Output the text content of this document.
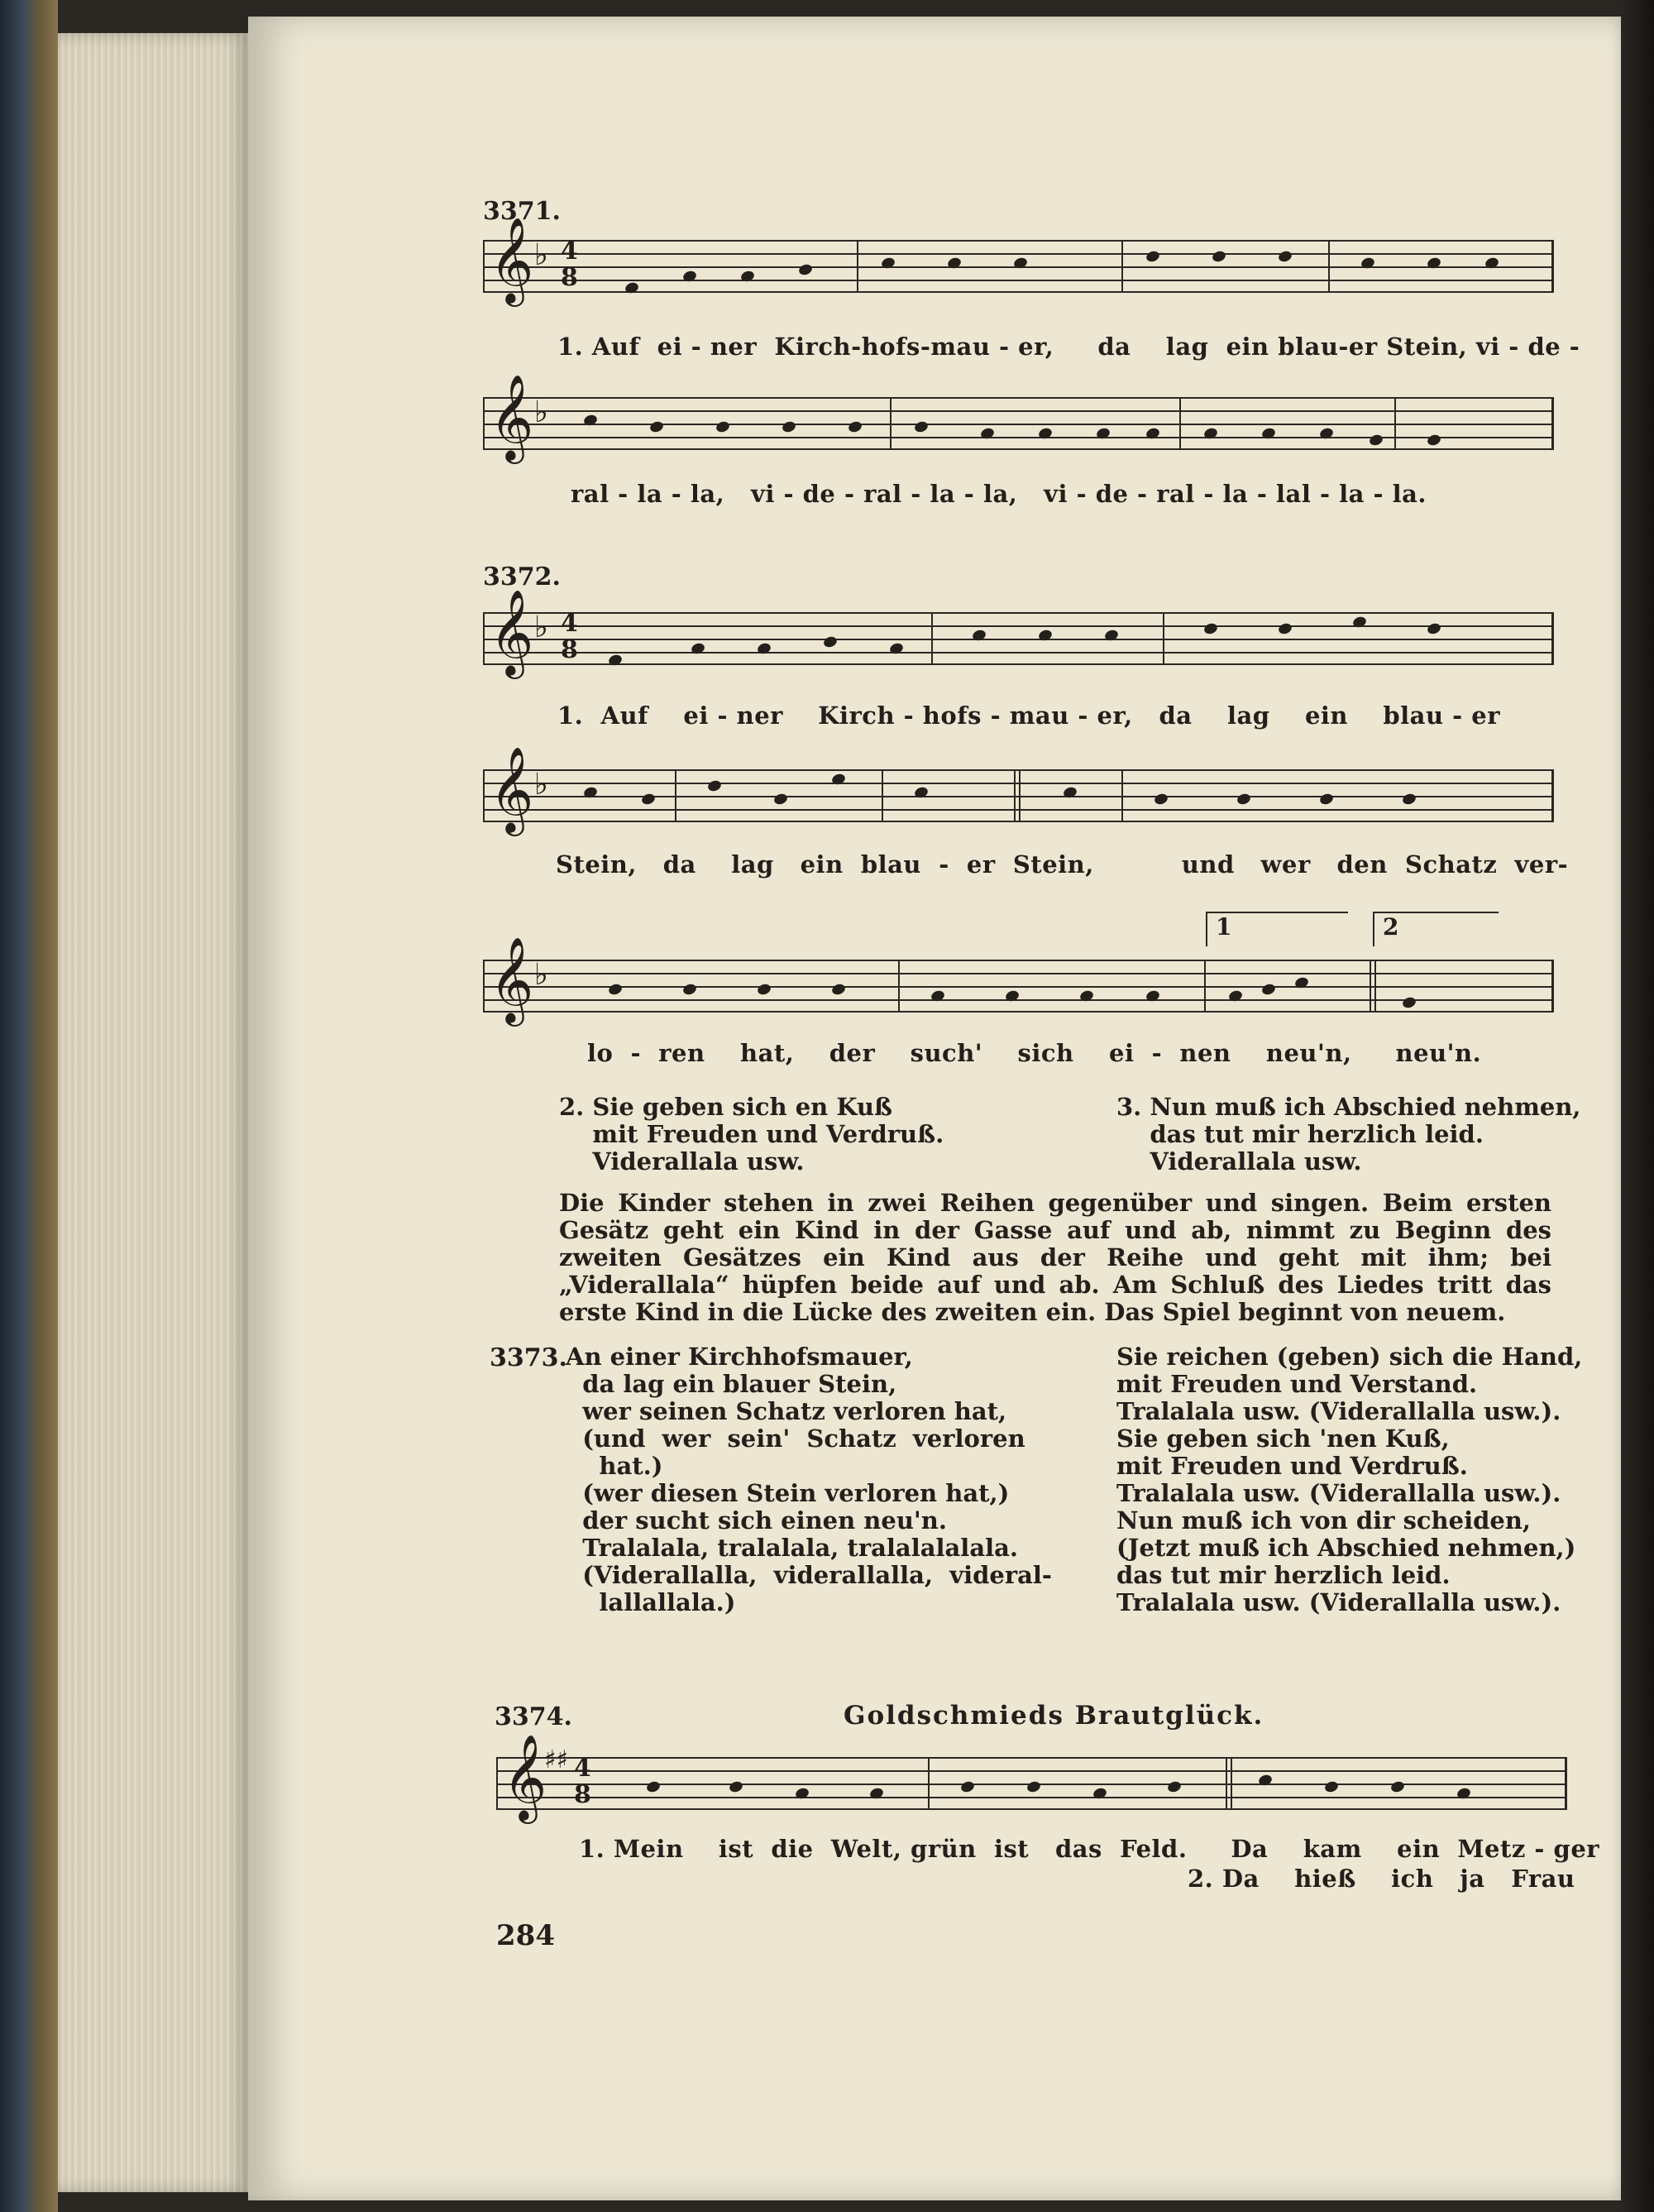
3371.
𝄞 ♭ 4
8
1. Auf  ei - ner  Kirch-hofs-mau - er,     da    lag  ein blau-er Stein, vi - de -
𝄞 ♭
ral - la - la,   vi - de - ral - la - la,   vi - de - ral - la - lal - la - la.
3372.
𝄞 ♭ 4
8
1.  Auf    ei - ner    Kirch - hofs - mau - er,   da    lag    ein    blau - er
𝄞 ♭
Stein,   da    lag   ein  blau  -  er  Stein,          und   wer   den  Schatz  ver-
1	2
𝄞 ♭
lo  -  ren    hat,    der    such'    sich    ei  -  nen    neu'n,     neu'n.
2. Sie geben sich en Kuß
mit Freuden und Verdruß.
Viderallala usw.
3. Nun muß ich Abschied nehmen,
das tut mir herzlich leid.
Viderallala usw.
Die Kinder stehen in zwei Reihen gegenüber und singen. Beim ersten Gesätz geht ein Kind in der Gasse auf und ab, nimmt zu Beginn des zweiten Gesätzes ein Kind aus der Reihe und geht mit ihm; bei „Viderallala“ hüpfen beide auf und ab. Am Schluß des Liedes tritt das erste Kind in die Lücke des zweiten ein. Das Spiel beginnt von neuem.
3373.
An einer Kirchhofsmauer,
da lag ein blauer Stein,
wer seinen Schatz verloren hat,
(und  wer  sein'  Schatz  verloren
hat.)
(wer diesen Stein verloren hat,)
der sucht sich einen neu'n.
Tralalala, tralalala, tralalalalala.
(Viderallalla,  viderallalla,  videral-
lallallala.)
Sie reichen (geben) sich die Hand,
mit Freuden und Verstand.
Tralalala usw. (Viderallalla usw.).
Sie geben sich 'nen Kuß,
mit Freuden und Verdruß.
Tralalala usw. (Viderallalla usw.).
Nun muß ich von dir scheiden,
(Jetzt muß ich Abschied nehmen,)
das tut mir herzlich leid.
Tralalala usw. (Viderallalla usw.).
3374.	Goldschmieds Brautglück.
𝄞
♯♯ 4
8
1. Mein    ist  die  Welt, grün  ist   das  Feld.     Da    kam    ein  Metz - ger
2. Da    hieß    ich   ja   Frau
284
